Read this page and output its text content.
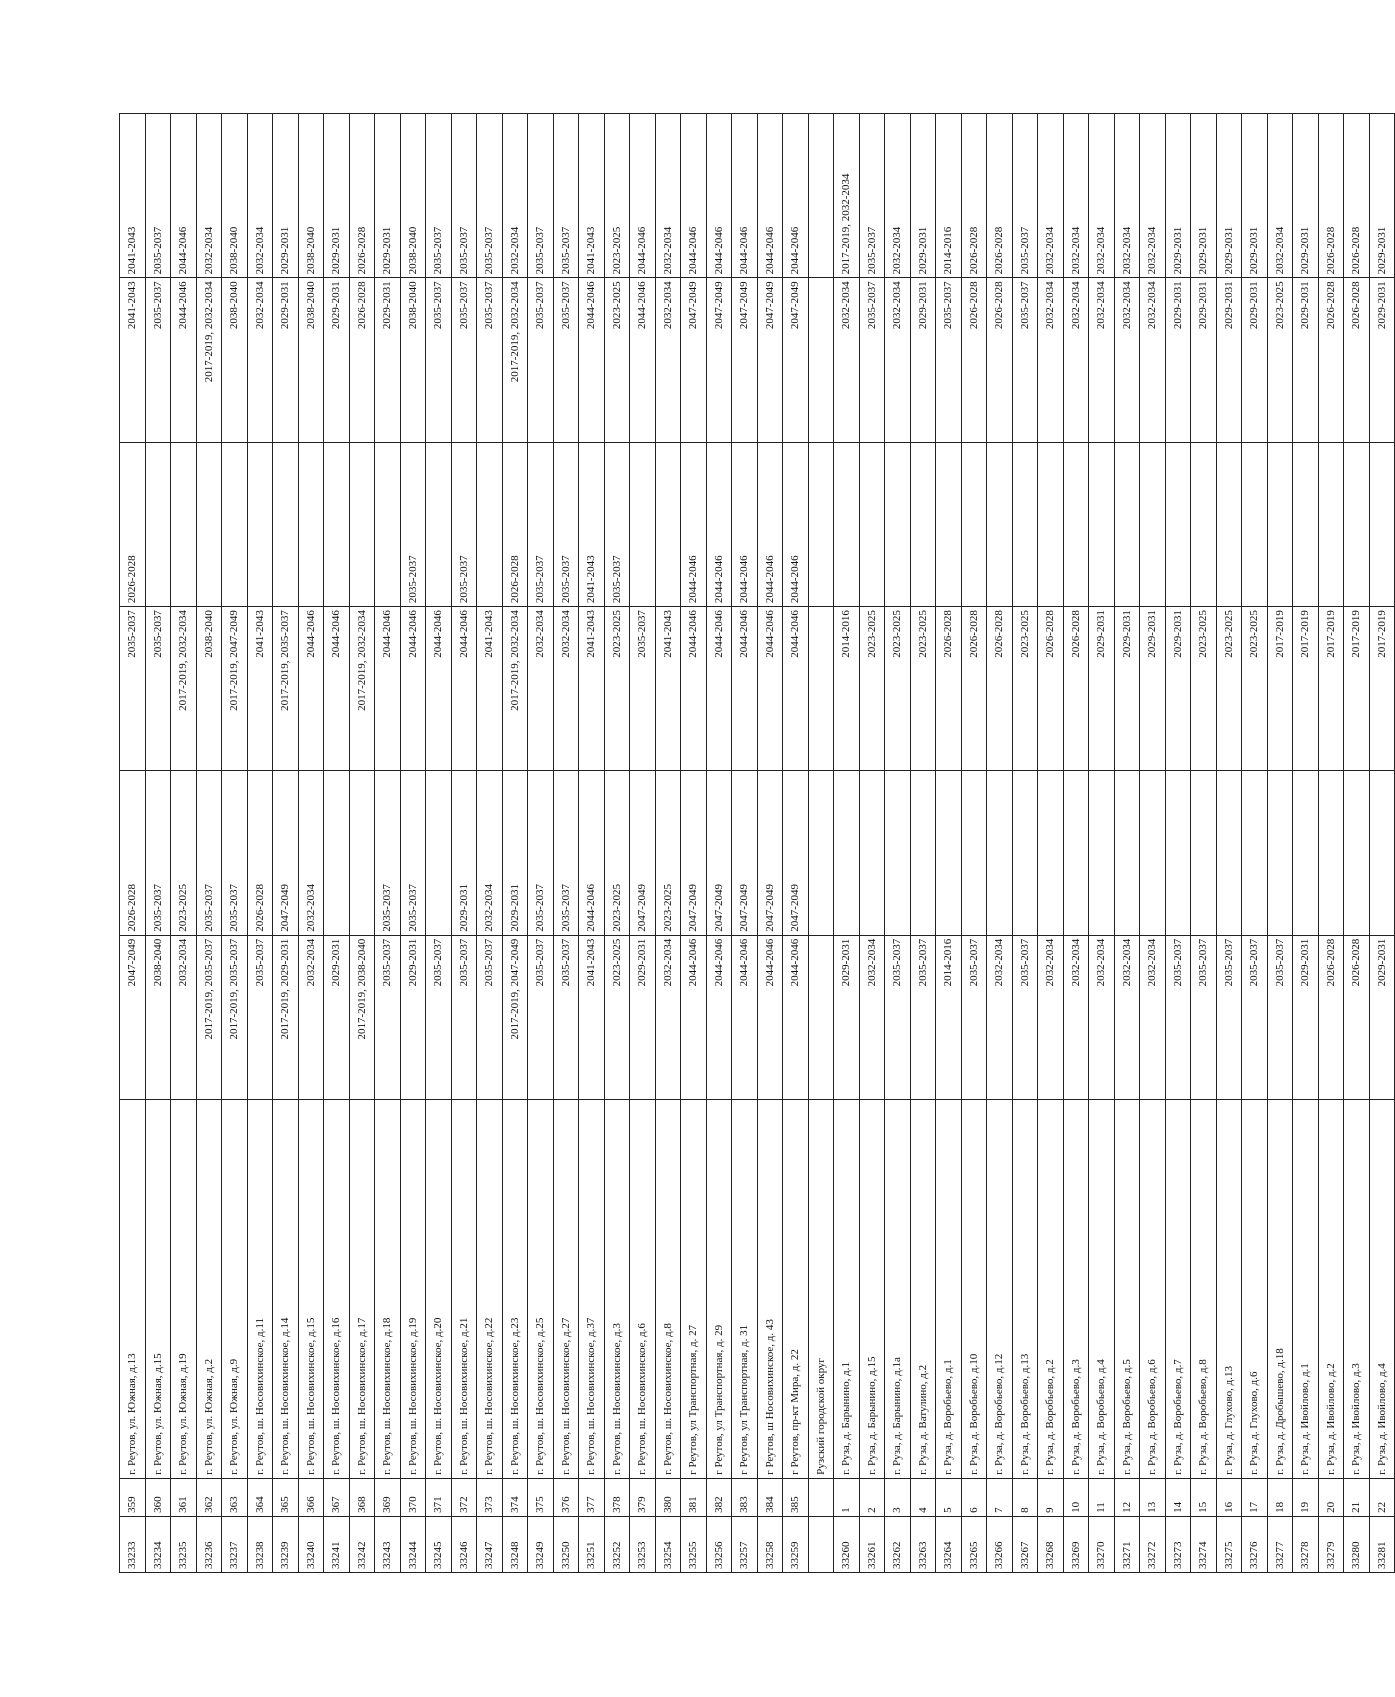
33233	359	г. Реутов, ул. Южная, д.13	2047-2049	2026-2028	2035-2037	2026-2028	2041-2043	2041-2043
33234	360	г. Реутов, ул. Южная, д.15	2038-2040	2035-2037	2035-2037		2035-2037	2035-2037
33235	361	г. Реутов, ул. Южная, д.19	2032-2034	2023-2025	2017-2019, 2032-2034		2044-2046	2044-2046
33236	362	г. Реутов, ул. Южная, д.2	2017-2019, 2035-2037	2035-2037	2038-2040		2017-2019, 2032-2034	2032-2034
33237	363	г. Реутов, ул. Южная, д.9	2017-2019, 2035-2037	2035-2037	2017-2019, 2047-2049		2038-2040	2038-2040
33238	364	г. Реутов, ш. Носовихинское, д.11	2035-2037	2026-2028	2041-2043		2032-2034	2032-2034
33239	365	г. Реутов, ш. Носовихинское, д.14	2017-2019, 2029-2031	2047-2049	2017-2019, 2035-2037		2029-2031	2029-2031
33240	366	г. Реутов, ш. Носовихинское, д.15	2032-2034	2032-2034	2044-2046		2038-2040	2038-2040
33241	367	г. Реутов, ш. Носовихинское, д.16	2029-2031		2044-2046		2029-2031	2029-2031
33242	368	г. Реутов, ш. Носовихинское, д.17	2017-2019, 2038-2040		2017-2019, 2032-2034		2026-2028	2026-2028
33243	369	г. Реутов, ш. Носовихинское, д.18	2035-2037	2035-2037	2044-2046		2029-2031	2029-2031
33244	370	г. Реутов, ш. Носовихинское, д.19	2029-2031	2035-2037	2044-2046	2035-2037	2038-2040	2038-2040
33245	371	г. Реутов, ш. Носовихинское, д.20	2035-2037		2044-2046		2035-2037	2035-2037
33246	372	г. Реутов, ш. Носовихинское, д.21	2035-2037	2029-2031	2044-2046	2035-2037	2035-2037	2035-2037
33247	373	г. Реутов, ш. Носовихинское, д.22	2035-2037	2032-2034	2041-2043		2035-2037	2035-2037
33248	374	г. Реутов, ш. Носовихинское, д.23	2017-2019, 2047-2049	2029-2031	2017-2019, 2032-2034	2026-2028	2017-2019, 2032-2034	2032-2034
33249	375	г. Реутов, ш. Носовихинское, д.25	2035-2037	2035-2037	2032-2034	2035-2037	2035-2037	2035-2037
33250	376	г. Реутов, ш. Носовихинское, д.27	2035-2037	2035-2037	2032-2034	2035-2037	2035-2037	2035-2037
33251	377	г. Реутов, ш. Носовихинское, д.37	2041-2043	2044-2046	2041-2043	2041-2043	2044-2046	2041-2043
33252	378	г. Реутов, ш. Носовихинское, д.3	2023-2025	2023-2025	2023-2025	2035-2037	2023-2025	2023-2025
33253	379	г. Реутов, ш. Носовихинское, д.6	2029-2031	2047-2049	2035-2037		2044-2046	2044-2046
33254	380	г. Реутов, ш. Носовихинское, д.8	2032-2034	2023-2025	2041-2043		2032-2034	2032-2034
33255	381	г Реутов, ул Транспортная, д. 27	2044-2046	2047-2049	2044-2046	2044-2046	2047-2049	2044-2046
33256	382	г Реутов, ул Транспортная, д. 29	2044-2046	2047-2049	2044-2046	2044-2046	2047-2049	2044-2046
33257	383	г Реутов, ул Транспортная, д. 31	2044-2046	2047-2049	2044-2046	2044-2046	2047-2049	2044-2046
33258	384	г Реутов, ш Носовихинское, д. 43	2044-2046	2047-2049	2044-2046	2044-2046	2047-2049	2044-2046
33259	385	г Реутов, пр-кт Мира, д. 22	2044-2046	2047-2049	2044-2046	2044-2046	2047-2049	2044-2046
		Рузский городской округ						
33260	1	г. Руза, д. Барынино, д.1	2029-2031		2014-2016		2032-2034	2017-2019, 2032-2034
33261	2	г. Руза, д. Барынино, д.15	2032-2034		2023-2025		2035-2037	2035-2037
33262	3	г. Руза, д. Барынино, д.1а	2035-2037		2023-2025		2032-2034	2032-2034
33263	4	г. Руза, д. Ватулино, д.2	2035-2037		2023-2025		2029-2031	2029-2031
33264	5	г. Руза, д. Воробьево, д.1	2014-2016		2026-2028		2035-2037	2014-2016
33265	6	г. Руза, д. Воробьево, д.10	2035-2037		2026-2028		2026-2028	2026-2028
33266	7	г. Руза, д. Воробьево, д.12	2032-2034		2026-2028		2026-2028	2026-2028
33267	8	г. Руза, д. Воробьево, д.13	2035-2037		2023-2025		2035-2037	2035-2037
33268	9	г. Руза, д. Воробьево, д.2	2032-2034		2026-2028		2032-2034	2032-2034
33269	10	г. Руза, д. Воробьево, д.3	2032-2034		2026-2028		2032-2034	2032-2034
33270	11	г. Руза, д. Воробьево, д.4	2032-2034		2029-2031		2032-2034	2032-2034
33271	12	г. Руза, д. Воробьево, д.5	2032-2034		2029-2031		2032-2034	2032-2034
33272	13	г. Руза, д. Воробьево, д.6	2032-2034		2029-2031		2032-2034	2032-2034
33273	14	г. Руза, д. Воробьево, д.7	2035-2037		2029-2031		2029-2031	2029-2031
33274	15	г. Руза, д. Воробьево, д.8	2035-2037		2023-2025		2029-2031	2029-2031
33275	16	г. Руза, д. Глухово, д.13	2035-2037		2023-2025		2029-2031	2029-2031
33276	17	г. Руза, д. Глухово, д.6	2035-2037		2023-2025		2029-2031	2029-2031
33277	18	г. Руза, д. Дробышево, д.18	2035-2037		2017-2019		2023-2025	2032-2034
33278	19	г. Руза, д. Ивойлово, д.1	2029-2031		2017-2019		2029-2031	2029-2031
33279	20	г. Руза, д. Ивойлово, д.2	2026-2028		2017-2019		2026-2028	2026-2028
33280	21	г. Руза, д. Ивойлово, д.3	2026-2028		2017-2019		2026-2028	2026-2028
33281	22	г. Руза, д. Ивойлово, д.4	2029-2031		2017-2019		2029-2031	2029-2031
